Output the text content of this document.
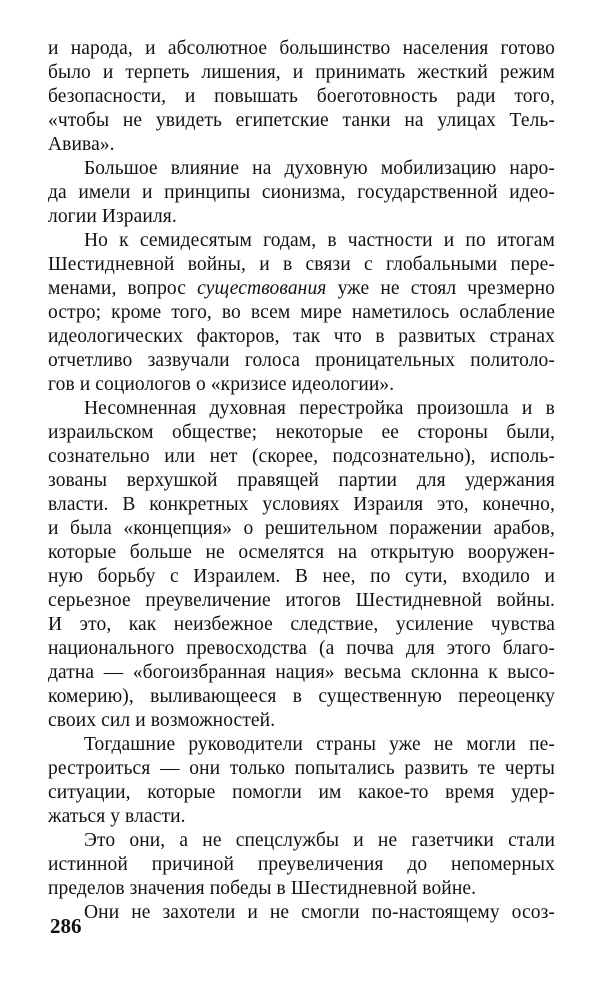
и народа, и абсолютное большинство населения готово
было и терпеть лишения, и принимать жесткий режим
безопасности, и повышать боеготовность ради того,
«чтобы не увидеть египетские танки на улицах Тель-
Авива».
Большое влияние на духовную мобилизацию наро-
да имели и принципы сионизма, государственной идео-
логии Израиля.
Но к семидесятым годам, в частности и по итогам
Шестидневной войны, и в связи с глобальными пере-
менами, вопрос существования уже не стоял чрезмерно
остро; кроме того, во всем мире наметилось ослабление
идеологических факторов, так что в развитых странах
отчетливо зазвучали голоса проницательных политоло-
гов и социологов о «кризисе идеологии».
Несомненная духовная перестройка произошла и в
израильском обществе; некоторые ее стороны были,
сознательно или нет (скорее, подсознательно), исполь-
зованы верхушкой правящей партии для удержания
власти. В конкретных условиях Израиля это, конечно,
и была «концепция» о решительном поражении арабов,
которые больше не осмелятся на открытую вооружен-
ную борьбу с Израилем. В нее, по сути, входило и
серьезное преувеличение итогов Шестидневной войны.
И это, как неизбежное следствие, усиление чувства
национального превосходства (а почва для этого благо-
датна — «богоизбранная нация» весьма склонна к высо-
комерию), выливающееся в существенную переоценку
своих сил и возможностей.
Тогдашние руководители страны уже не могли пе-
рестроиться — они только попытались развить те черты
ситуации, которые помогли им какое-то время удер-
жаться у власти.
Это они, а не спецслужбы и не газетчики стали
истинной причиной преувеличения до непомерных
пределов значения победы в Шестидневной войне.
Они не захотели и не смогли по-настоящему осоз-
286
